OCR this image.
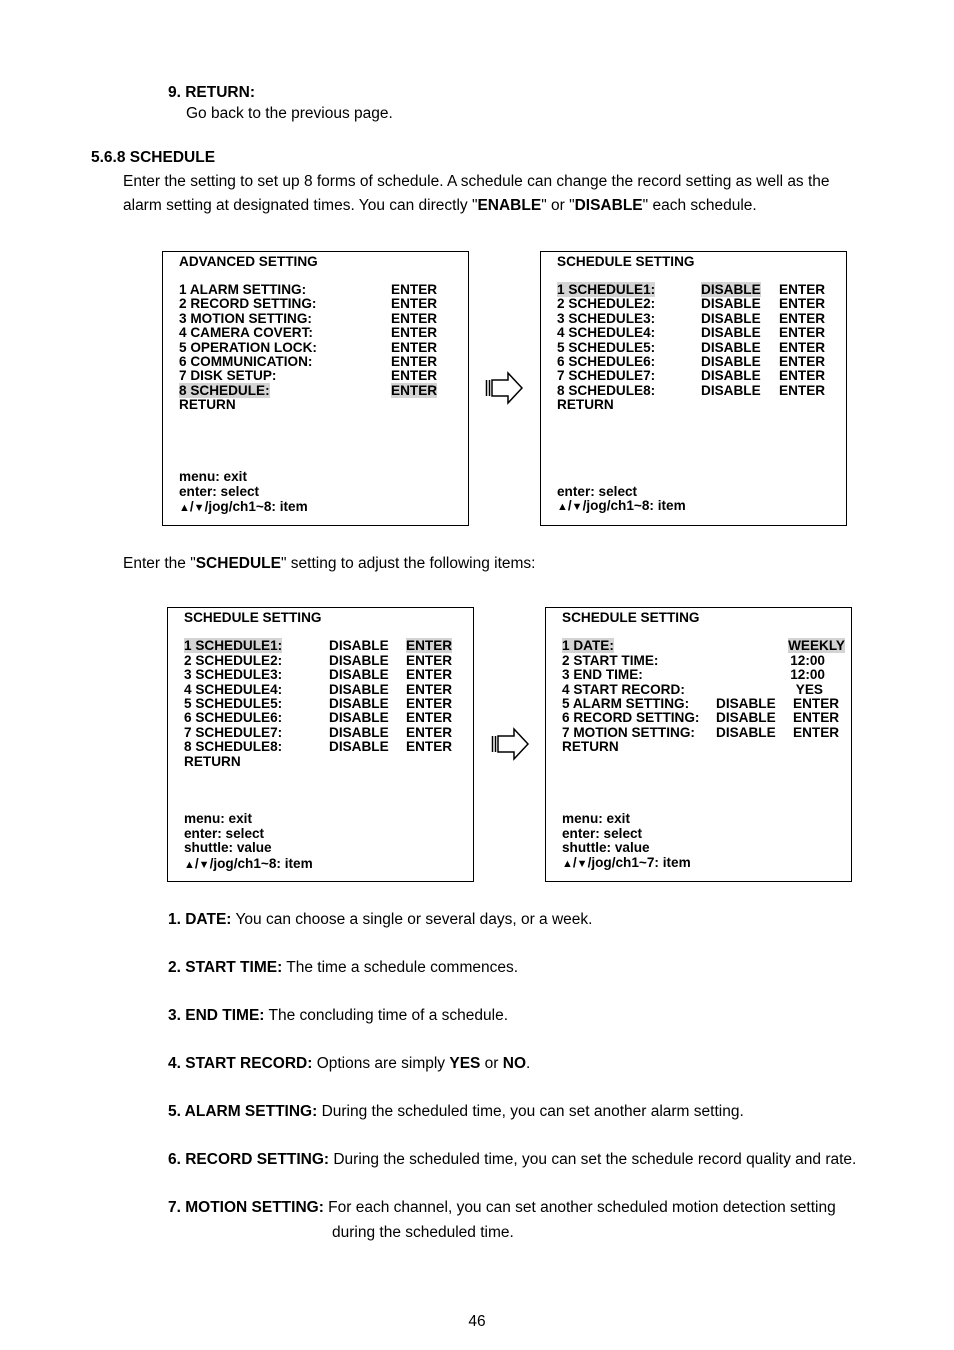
9. RETURN:
Go back to the previous page.
5.6.8 SCHEDULE
Enter the setting to set up 8 forms of schedule. A schedule can change the record setting as well as the
alarm setting at designated times. You can directly "ENABLE" or "DISABLE" each schedule.
ADVANCED SETTING
1 ALARM SETTING:	ENTER
2 RECORD SETTING:	ENTER
3 MOTION SETTING:	ENTER
4 CAMERA COVERT:	ENTER
5 OPERATION LOCK:	ENTER
6 COMMUNICATION:	ENTER
7 DISK SETUP:	ENTER
8 SCHEDULE:	ENTER
RETURN
menu: exit
enter: select
▲/▼/jog/ch1~8: item
SCHEDULE SETTING
1 SCHEDULE1:	DISABLE ENTER
2 SCHEDULE2:	DISABLE ENTER
3 SCHEDULE3:	DISABLE ENTER
4 SCHEDULE4:	DISABLE ENTER
5 SCHEDULE5:	DISABLE ENTER
6 SCHEDULE6:	DISABLE ENTER
7 SCHEDULE7:	DISABLE ENTER
8 SCHEDULE8:	DISABLE ENTER
RETURN
enter: select
▲/▼/jog/ch1~8: item
Enter the "SCHEDULE" setting to adjust the following items:
SCHEDULE SETTING
1 SCHEDULE1:	DISABLE ENTER
2 SCHEDULE2:	DISABLE ENTER
3 SCHEDULE3:	DISABLE ENTER
4 SCHEDULE4:	DISABLE ENTER
5 SCHEDULE5:	DISABLE ENTER
6 SCHEDULE6:	DISABLE ENTER
7 SCHEDULE7:	DISABLE ENTER
8 SCHEDULE8:	DISABLE ENTER
RETURN
menu: exit
enter: select
shuttle: value
▲/▼/jog/ch1~8: item
SCHEDULE SETTING
1 DATE:	WEEKLY
2 START TIME:	12:00
3 END TIME:	12:00
4 START RECORD:	YES
5 ALARM SETTING: DISABLE ENTER
6 RECORD SETTING: DISABLE ENTER
7 MOTION SETTING: DISABLE ENTER
RETURN
menu: exit
enter: select
shuttle: value
▲/▼/jog/ch1~7: item
1. DATE: You can choose a single or several days, or a week.
2. START TIME: The time a schedule commences.
3. END TIME: The concluding time of a schedule.
4. START RECORD: Options are simply YES or NO.
5. ALARM SETTING: During the scheduled time, you can set another alarm setting.
6. RECORD SETTING: During the scheduled time, you can set the schedule record quality and rate.
7. MOTION SETTING: For each channel, you can set another scheduled motion detection setting
during the scheduled time.
46
